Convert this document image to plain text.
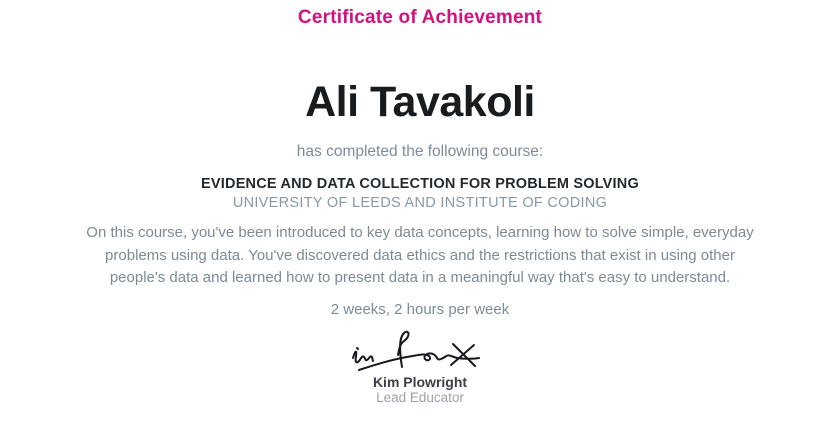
Certificate of Achievement
Ali Tavakoli
has completed the following course:
EVIDENCE AND DATA COLLECTION FOR PROBLEM SOLVING
UNIVERSITY OF LEEDS AND INSTITUTE OF CODING
On this course, you've been introduced to key data concepts, learning how to solve simple, everyday problems using data. You've discovered data ethics and the restrictions that exist in using other people's data and learned how to present data in a meaningful way that's easy to understand.
2 weeks, 2 hours per week
Kim Plowright
Lead Educator
